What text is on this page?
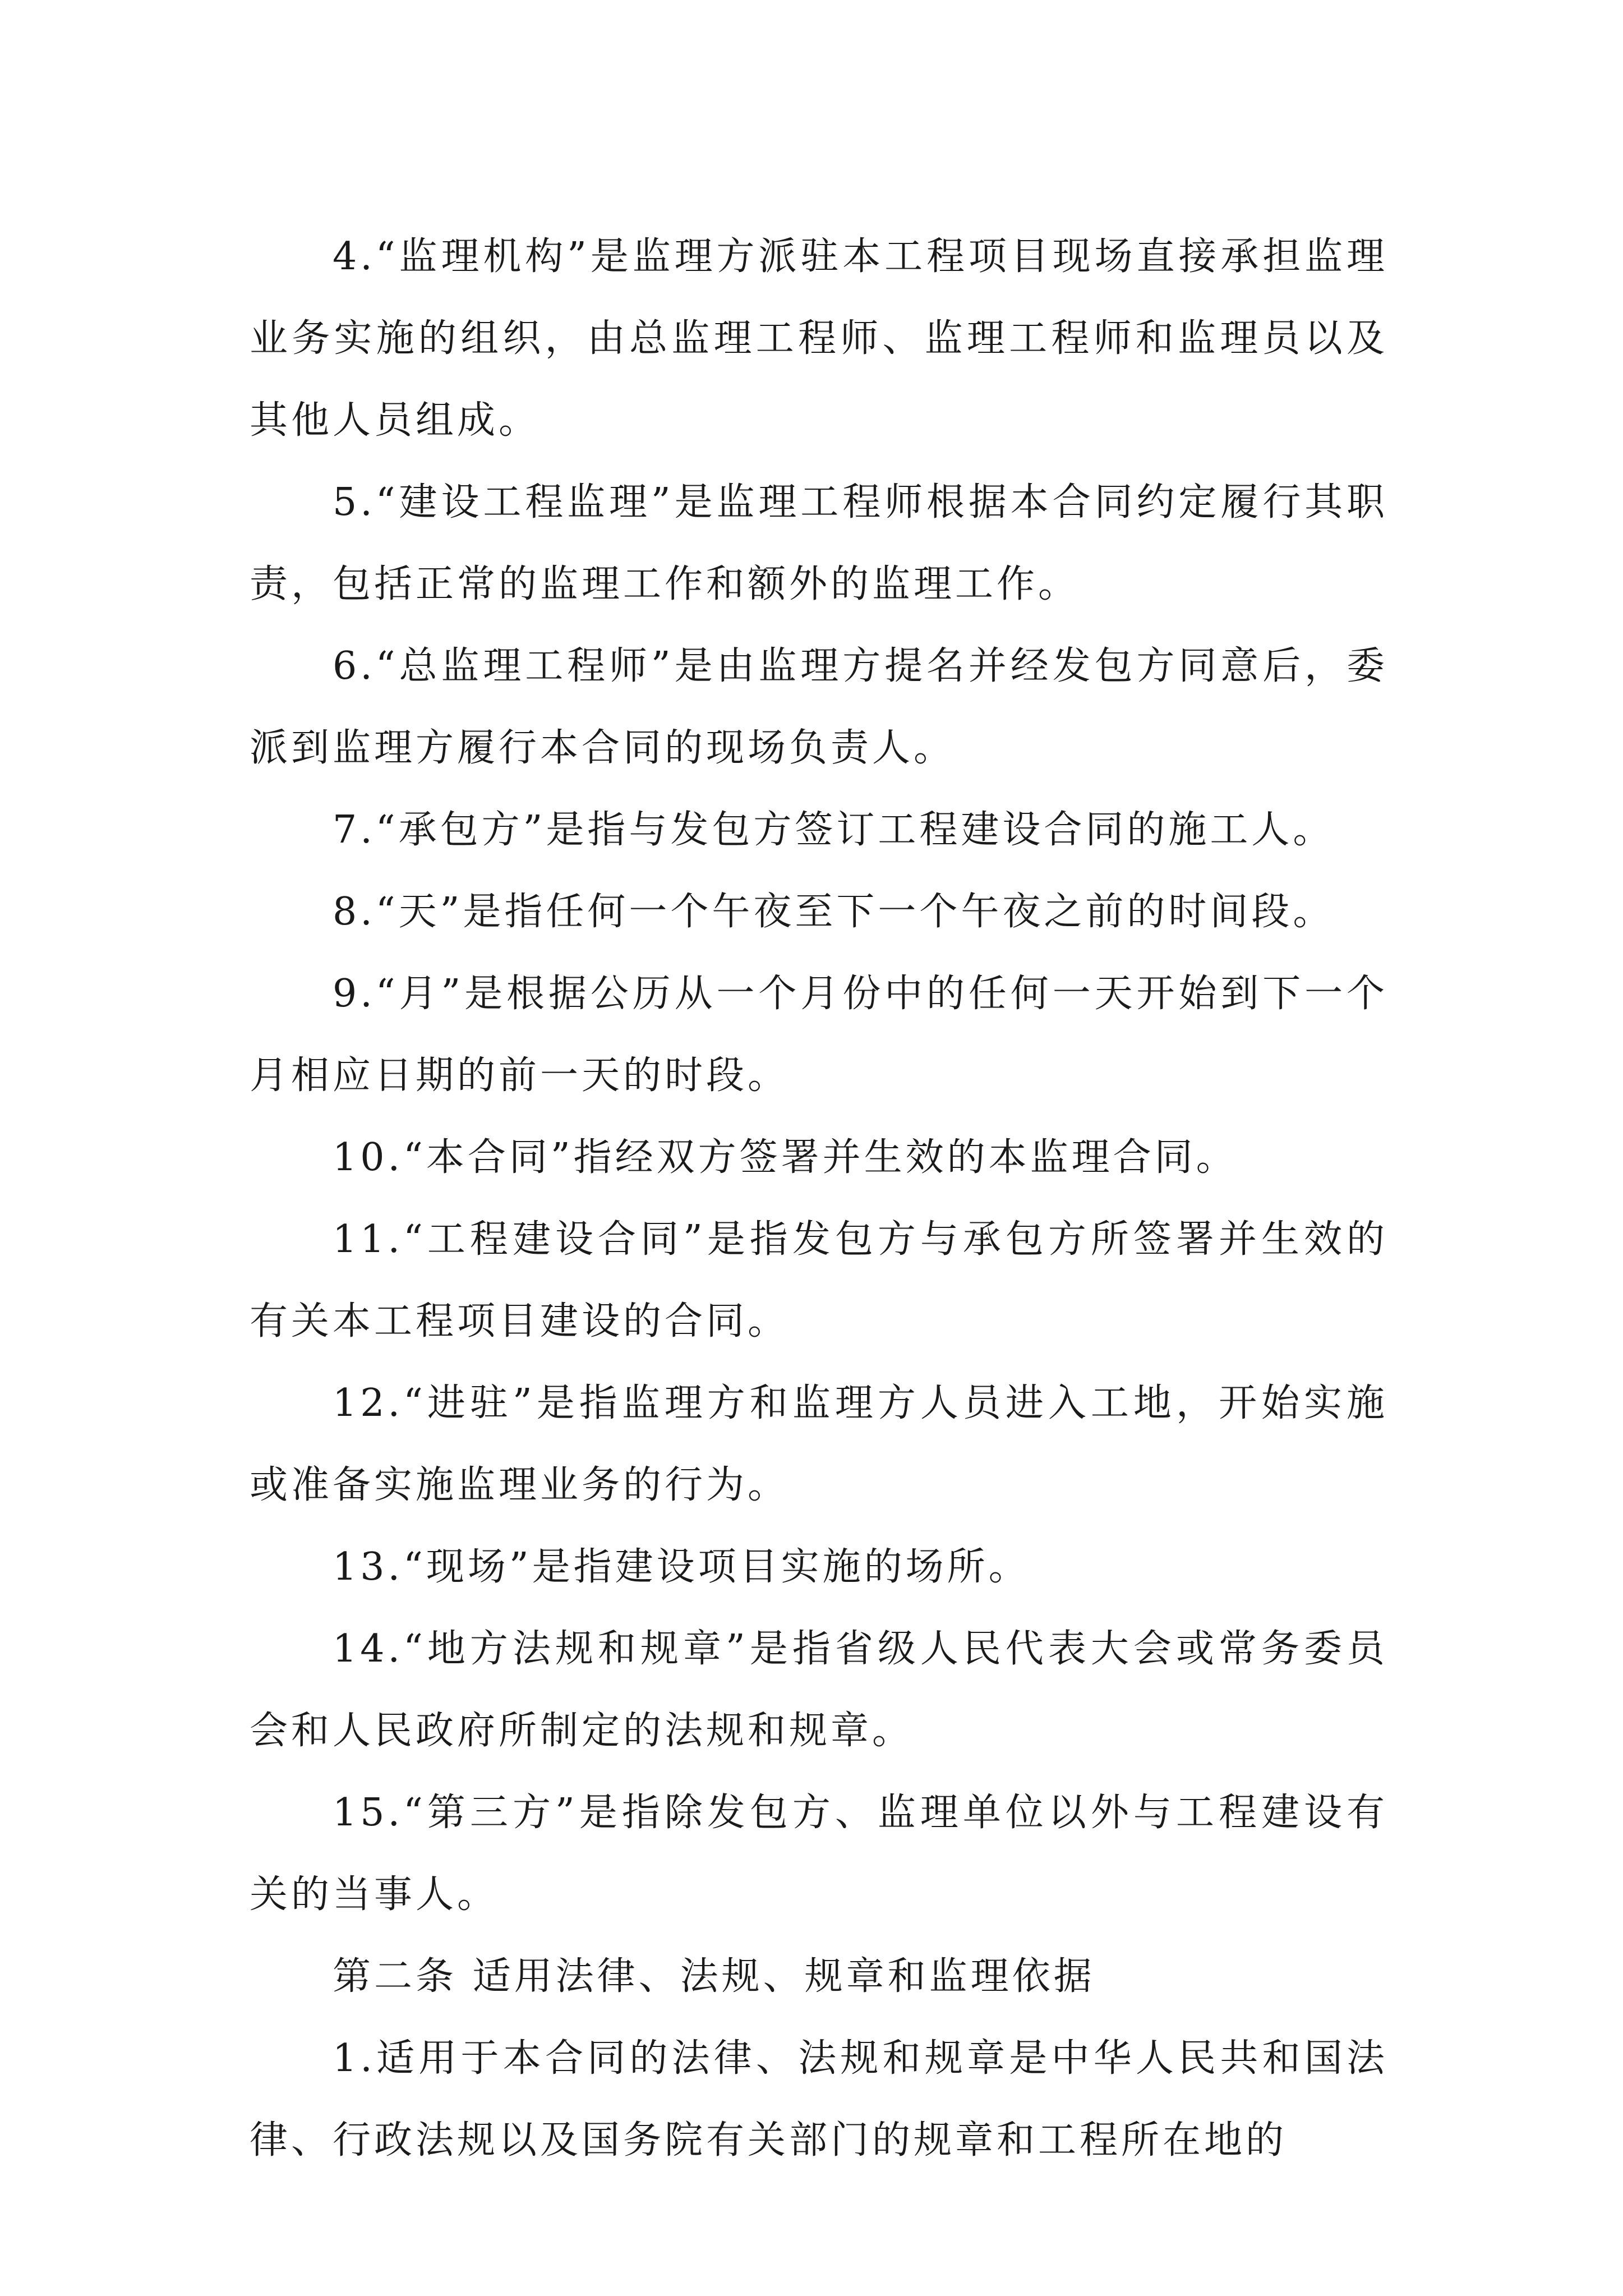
4.“监理机构”是监理方派驻本工程项目现场直接承担监理业务实施的组织，由总监理工程师、监理工程师和监理员以及其他人员组成。

5.“建设工程监理”是监理工程师根据本合同约定履行其职责，包括正常的监理工作和额外的监理工作。

6.“总监理工程师”是由监理方提名并经发包方同意后，委派到监理方履行本合同的现场负责人。

7.“承包方”是指与发包方签订工程建设合同的施工人。

8.“天”是指任何一个午夜至下一个午夜之前的时间段。

9.“月”是根据公历从一个月份中的任何一天开始到下一个月相应日期的前一天的时段。

10.“本合同”指经双方签署并生效的本监理合同。

11.“工程建设合同”是指发包方与承包方所签署并生效的有关本工程项目建设的合同。

12.“进驻”是指监理方和监理方人员进入工地，开始实施或准备实施监理业务的行为。

13.“现场”是指建设项目实施的场所。

14.“地方法规和规章”是指省级人民代表大会或常务委员会和人民政府所制定的法规和规章。

15.“第三方”是指除发包方、监理单位以外与工程建设有关的当事人。

第二条 适用法律、法规、规章和监理依据

1.适用于本合同的法律、法规和规章是中华人民共和国法律、行政法规以及国务院有关部门的规章和工程所在地的
